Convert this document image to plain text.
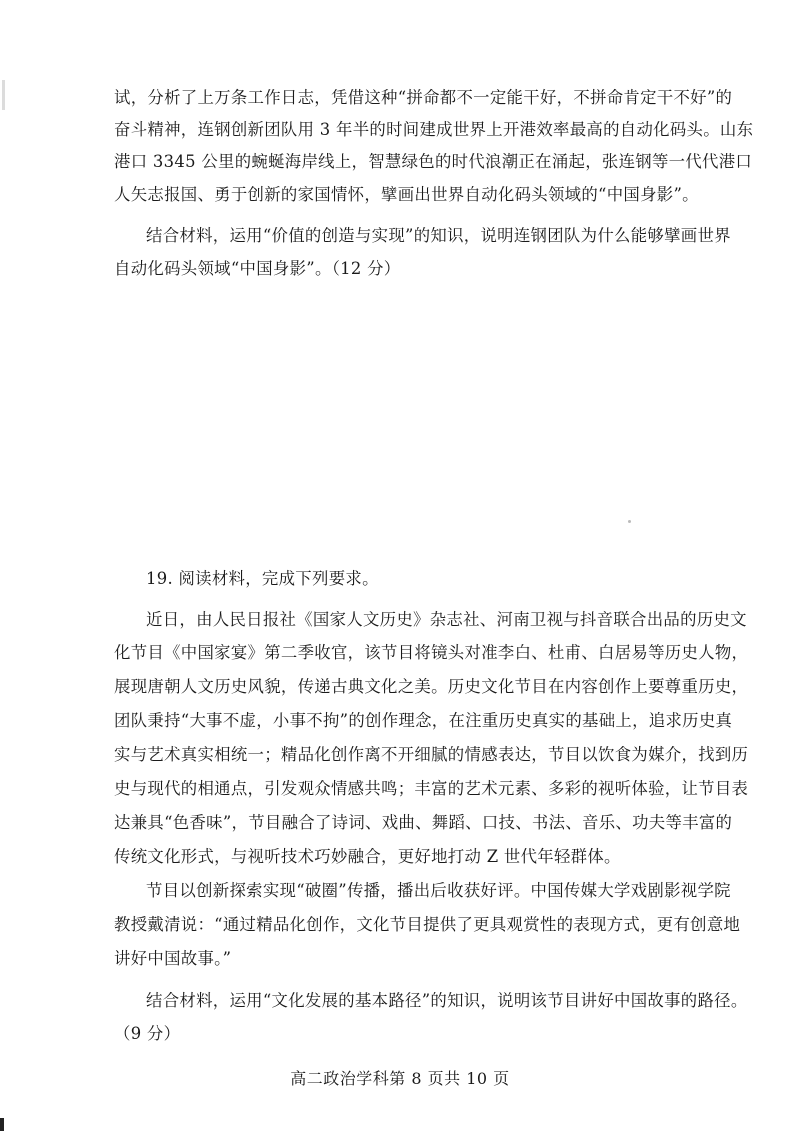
试，分析了上万条工作日志，凭借这种“拼命都不一定能干好，不拼命肯定干不好”的
奋斗精神，连钢创新团队用 3 年半的时间建成世界上开港效率最高的自动化码头。山东
港口 3345 公里的蜿蜒海岸线上，智慧绿色的时代浪潮正在涌起，张连钢等一代代港口
人矢志报国、勇于创新的家国情怀，擘画出世界自动化码头领域的“中国身影”。
结合材料，运用“价值的创造与实现”的知识，说明连钢团队为什么能够擘画世界
自动化码头领域“中国身影”。（12 分）
19. 阅读材料，完成下列要求。
近日，由人民日报社《国家人文历史》杂志社、河南卫视与抖音联合出品的历史文
化节目《中国家宴》第二季收官，该节目将镜头对准李白、杜甫、白居易等历史人物，
展现唐朝人文历史风貌，传递古典文化之美。历史文化节目在内容创作上要尊重历史，
团队秉持“大事不虚，小事不拘”的创作理念，在注重历史真实的基础上，追求历史真
实与艺术真实相统一；精品化创作离不开细腻的情感表达，节目以饮食为媒介，找到历
史与现代的相通点，引发观众情感共鸣；丰富的艺术元素、多彩的视听体验，让节目表
达兼具“色香味”，节目融合了诗词、戏曲、舞蹈、口技、书法、音乐、功夫等丰富的
传统文化形式，与视听技术巧妙融合，更好地打动 Z 世代年轻群体。
节目以创新探索实现“破圈”传播，播出后收获好评。中国传媒大学戏剧影视学院
教授戴清说：“通过精品化创作，文化节目提供了更具观赏性的表现方式，更有创意地
讲好中国故事。”
结合材料，运用“文化发展的基本路径”的知识，说明该节目讲好中国故事的路径。
（9 分）
高二政治学科第 8 页共 10 页
